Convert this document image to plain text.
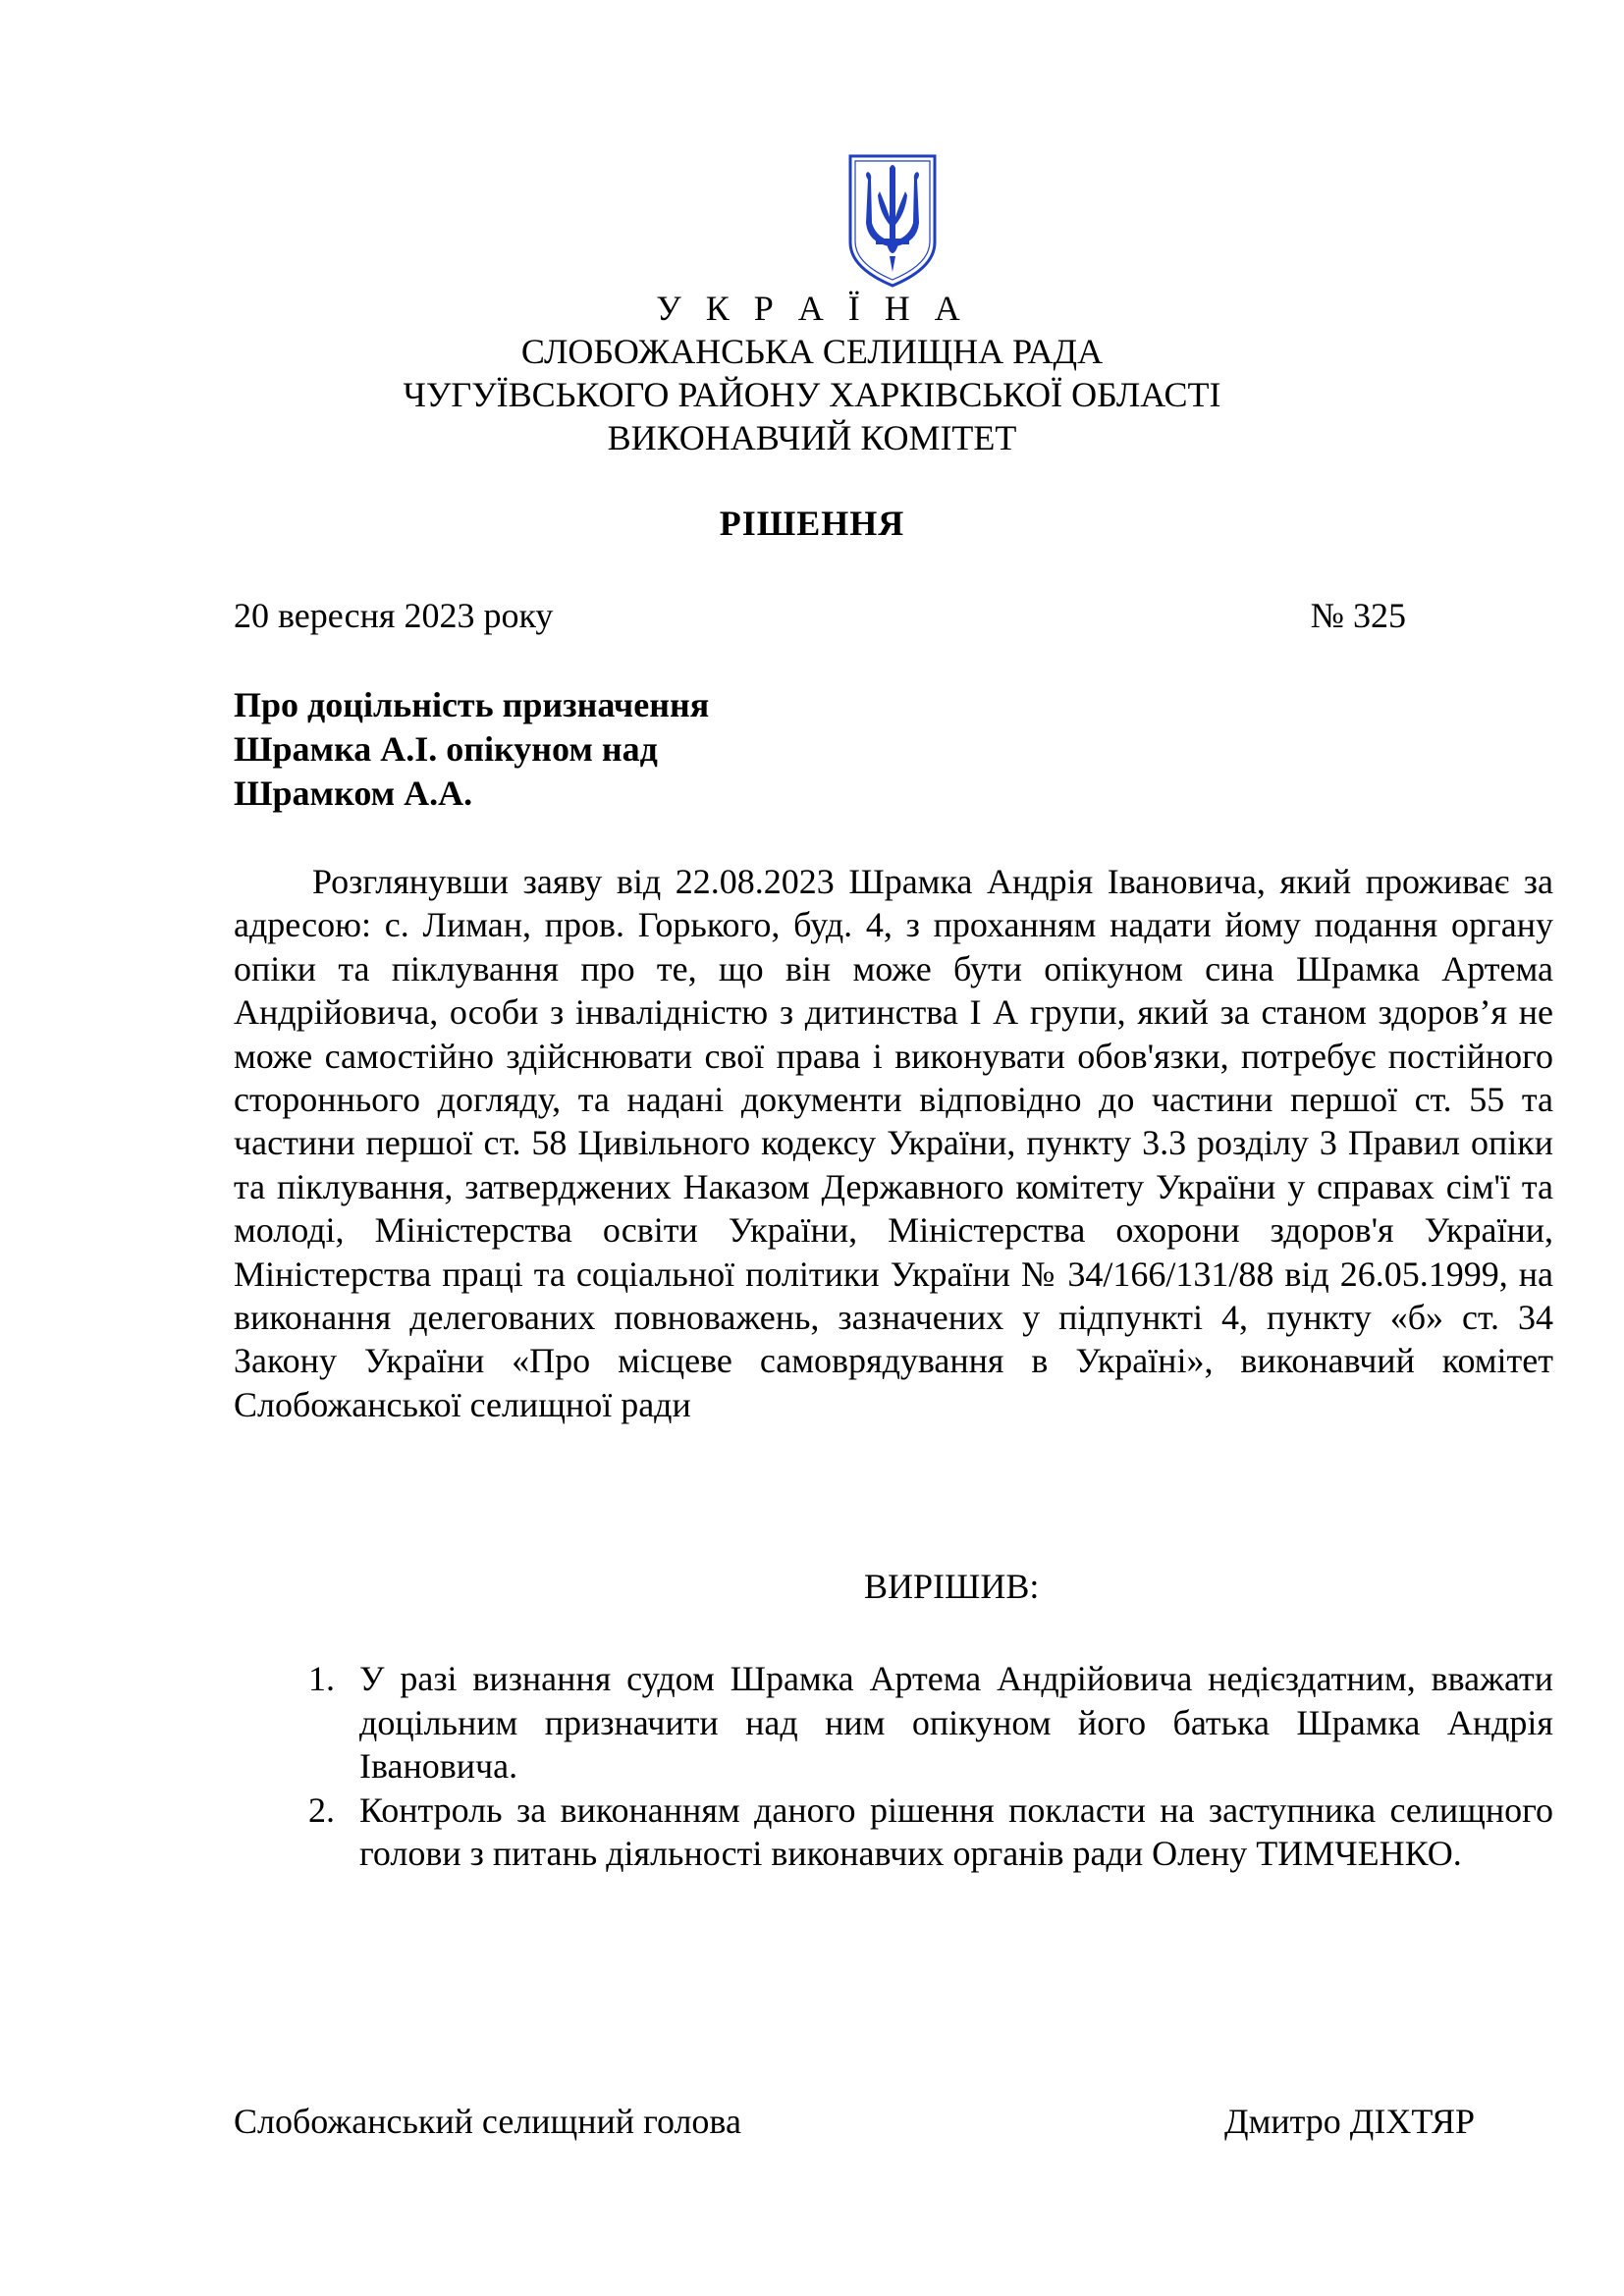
У К Р А Ї Н А
СЛОБОЖАНСЬКА СЕЛИЩНА РАДА
ЧУГУЇВСЬКОГО РАЙОНУ ХАРКІВСЬКОЇ ОБЛАСТІ
ВИКОНАВЧИЙ КОМІТЕТ
РІШЕННЯ
20 вересня 2023 року	№ 325
Про доцільність призначення
Шрамка А.І. опікуном над
Шрамком А.А.
Розглянувши заяву від 22.08.2023 Шрамка Андрія Івановича, який проживає за адресою: с. Лиман, пров. Горького, буд. 4, з проханням надати йому подання органу опіки та піклування про те, що він може бути опікуном сина Шрамка Артема Андрійовича, особи з інвалідністю з дитинства І А групи, який за станом здоров’я не може самостійно здійснювати свої права і виконувати обов'язки, потребує постійного стороннього догляду, та надані документи відповідно до частини першої ст. 55 та частини першої ст. 58 Цивільного кодексу України, пункту 3.3 розділу 3 Правил опіки та піклування, затверджених Наказом Державного комітету України у справах сім'ї та молоді, Міністерства освіти України, Міністерства охорони здоров'я України, Міністерства праці та соціальної політики України № 34/166/131/88 від 26.05.1999, на виконання делегованих повноважень, зазначених у підпункті 4, пункту «б» ст. 34 Закону України «Про місцеве самоврядування в Україні», виконавчий комітет Слобожанської селищної ради
ВИРІШИВ:
1. У разі визнання судом Шрамка Артема Андрійовича недієздатним, вважати доцільним призначити над ним опікуном його батька Шрамка Андрія Івановича.
2. Контроль за виконанням даного рішення покласти на заступника селищного голови з питань діяльності виконавчих органів ради Олену ТИМЧЕНКО.
Слобожанський селищний голова	Дмитро ДІХТЯР
